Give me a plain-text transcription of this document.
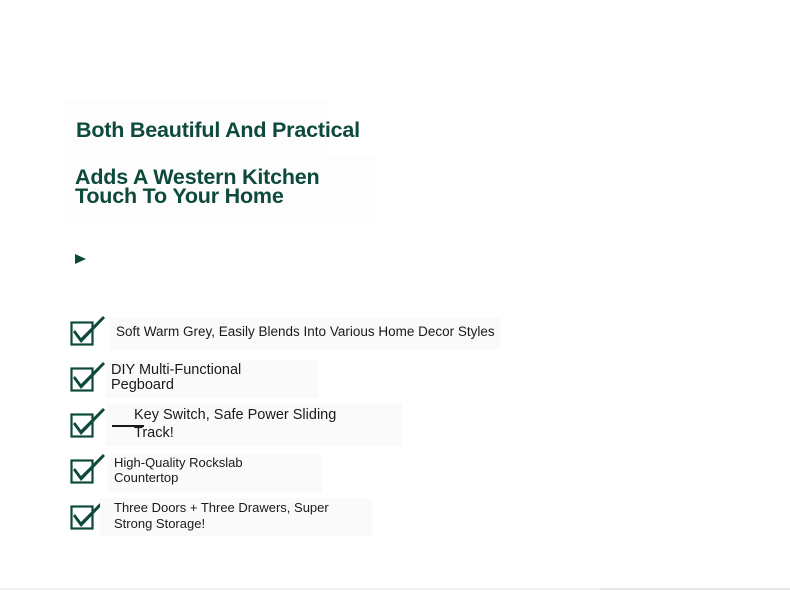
Both Beautiful And Practical
Adds A Western Kitchen Touch To Your Home
Soft Warm Grey, Easily Blends Into Various Home Decor Styles
DIY Multi-Functional Pegboard
Key Switch, Safe Power Sliding Track!
High-Quality Rockslab Countertop
Three Doors + Three Drawers, Super Strong Storage!
